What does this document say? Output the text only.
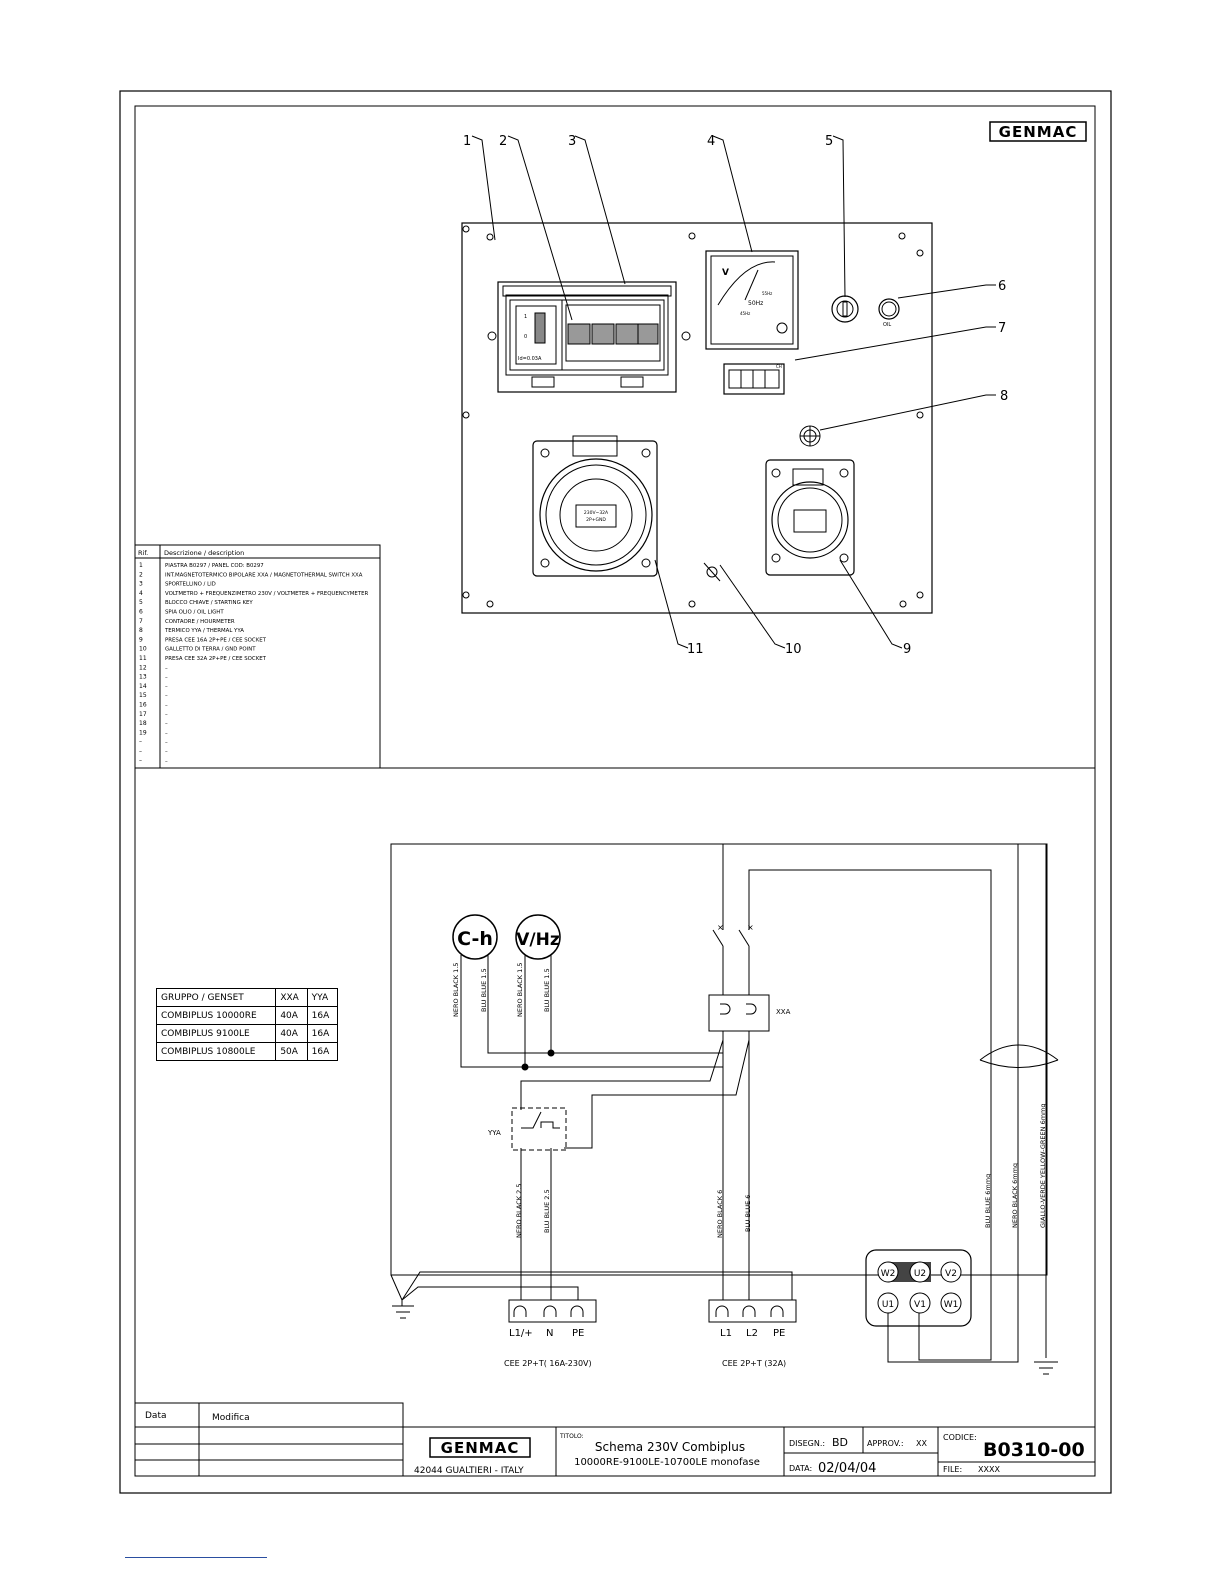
GENMAC
1
0
Id=0.03A
V
50Hz
55Hz
45Hz
OIL
CH
230V~32A
2P+GND
1 2	3	4	5
6
7
8
9
10
11
Rif. Descrizione / description
1	PIASTRA B0297 / PANEL COD: B0297
2	INT.MAGNETOTERMICO BIPOLARE XXA / MAGNETOTHERMAL SWITCH XXA
3	SPORTELLINO / LID
4	VOLTMETRO + FREQUENZIMETRO 230V / VOLTMETER + FREQUENCYMETER
5	BLOCCO CHIAVE / STARTING KEY
6	SPIA OLIO / OIL LIGHT
7	CONTAORE / HOURMETER
8	TERMICO YYA / THERMAL YYA
9	PRESA CEE 16A 2P+PE / CEE SOCKET
10	GALLETTO DI TERRA / GND POINT
11	PRESA CEE 32A 2P+PE / CEE SOCKET
12	–
13	–
14	–
15	–
16	–
17	–
18	–
19	–
–	–
–	–
–	–
C-h V/Hz
XXA
×	×
YYA
L1/+ N PE
CEE 2P+T( 16A-230V)
L1 L2 PE
CEE 2P+T (32A)
W2 U2 V2
U1 V1 W1
NERO BLACK 1.5	BLU BLUE 1.5	NERO BLACK 1.5	BLU BLUE 1.5
NERO BLACK 2.5	BLU BLUE 2.5	NERO BLACK 6	BLU BLUE 6	BLU BLUE 6mmq	NERO BLACK 6mmq	GIALLO-VERDE YELLOW-GREEN 6mmq
Data	Modifica
GENMAC
42044 GUALTIERI - ITALY
TITOLO:
Schema 230V Combiplus
10000RE-9100LE-10700LE monofase
DISEGN.: BD APPROV.: XX
DATA: 02/04/04
CODICE:
B0310-00
FILE: XXXX
GRUPPO / GENSET	XXA	YYA
COMBIPLUS 10000RE	40A	16A
COMBIPLUS 9100LE	40A	16A
COMBIPLUS 10800LE	50A	16A
